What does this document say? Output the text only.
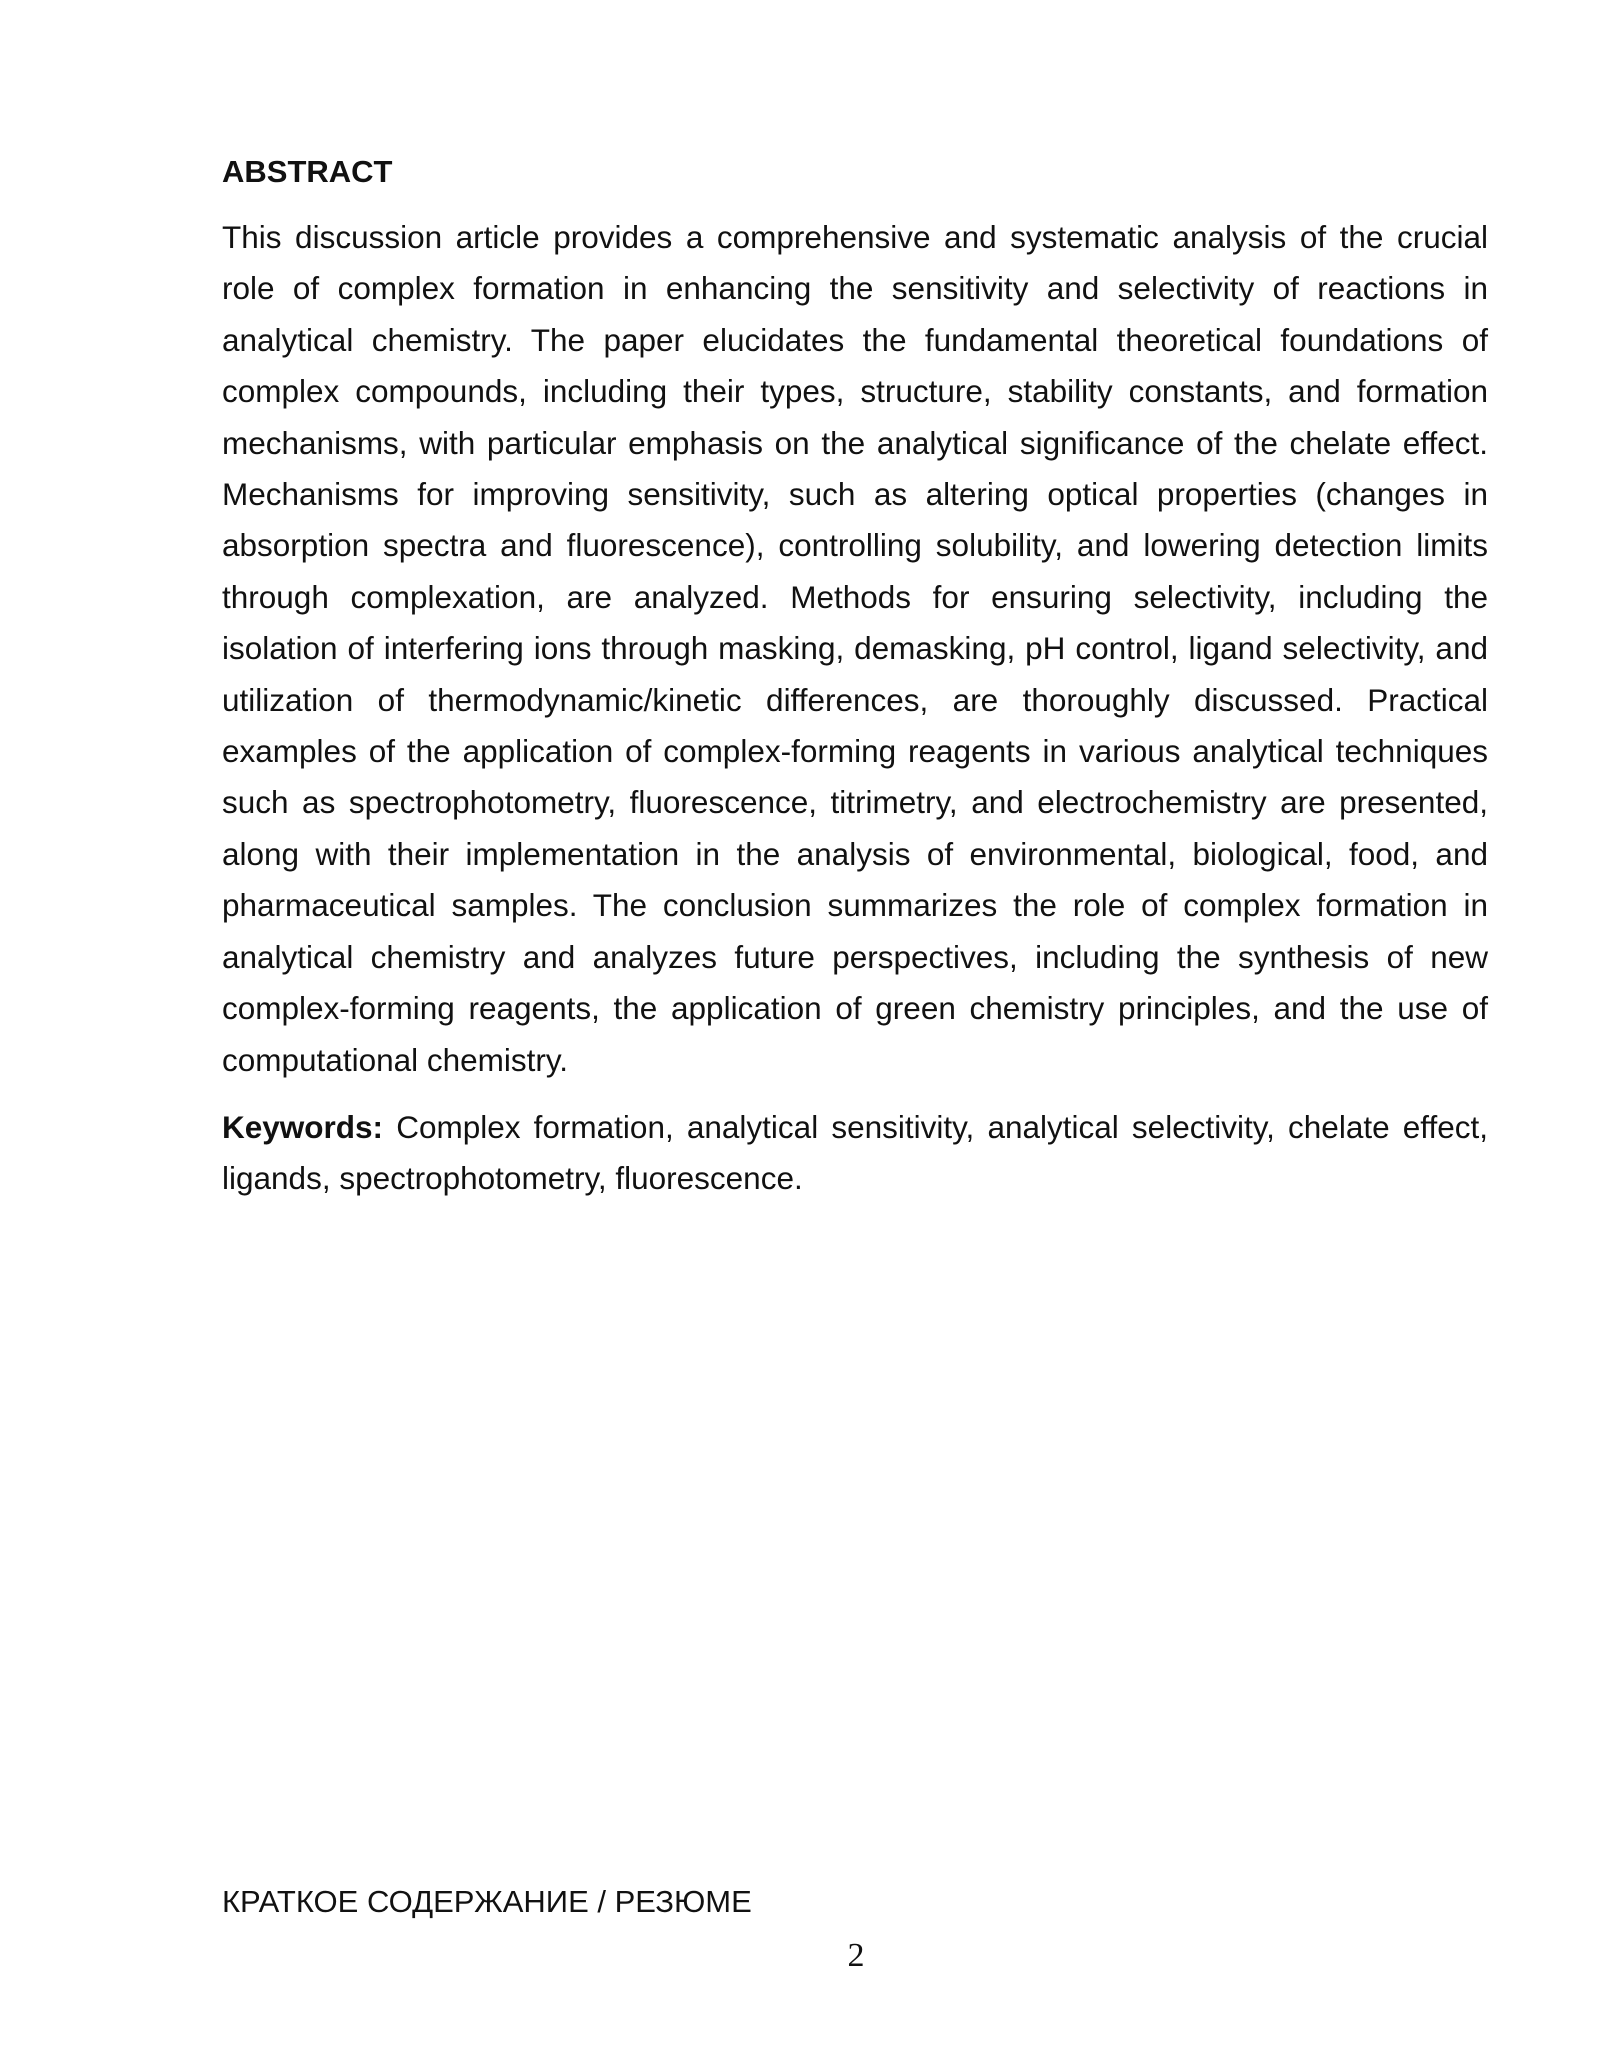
ABSTRACT

This discussion article provides a comprehensive and systematic analysis of the crucial role of complex formation in enhancing the sensitivity and selectivity of reactions in analytical chemistry. The paper elucidates the fundamental theoretical foundations of complex compounds, including their types, structure, stability constants, and formation mechanisms, with particular emphasis on the analytical significance of the chelate effect. Mechanisms for improving sensitivity, such as altering optical properties (changes in absorption spectra and fluorescence), controlling solubility, and lowering detection limits through complexation, are analyzed. Methods for ensuring selectivity, including the isolation of interfering ions through masking, demasking, pH control, ligand selectivity, and utilization of thermodynamic/kinetic differences, are thoroughly discussed. Practical examples of the application of complex-forming reagents in various analytical techniques such as spectrophotometry, fluorescence, titrimetry, and electrochemistry are presented, along with their implementation in the analysis of environmental, biological, food, and pharmaceutical samples. The conclusion summarizes the role of complex formation in analytical chemistry and analyzes future perspectives, including the synthesis of new complex-forming reagents, the application of green chemistry principles, and the use of computational chemistry.

Keywords: Complex formation, analytical sensitivity, analytical selectivity, chelate effect, ligands, spectrophotometry, fluorescence.

КРАТКОЕ СОДЕРЖАНИЕ / РЕЗЮМЕ
2
